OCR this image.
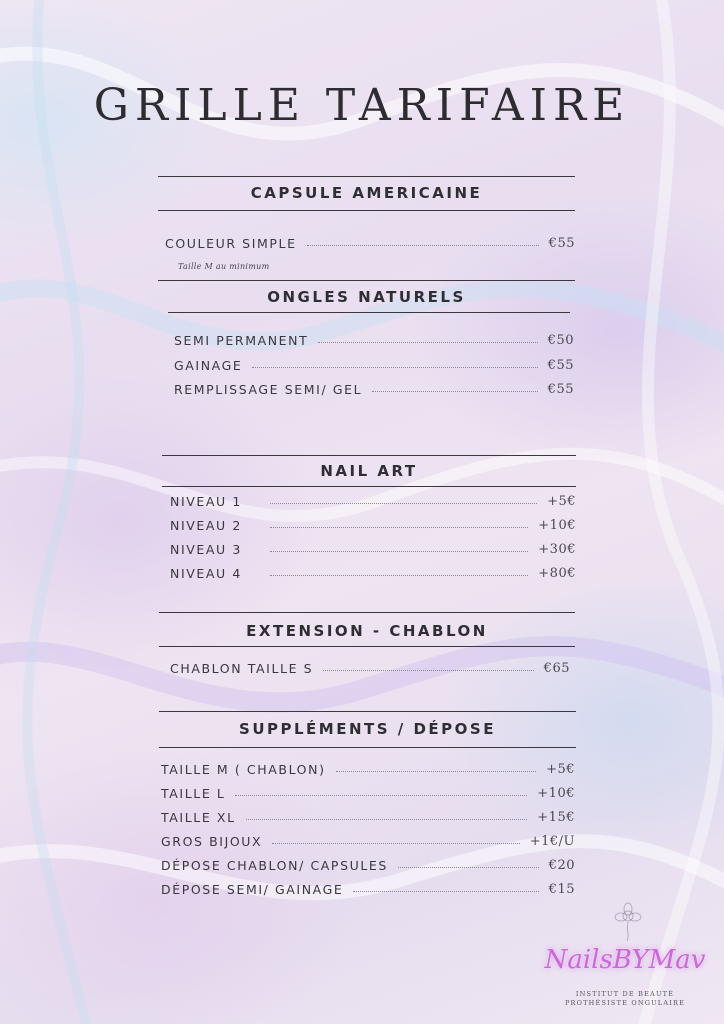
GRILLE TARIFAIRE
CAPSULE AMERICAINE
COULEUR SIMPLE	€55
Taille M au minimum
ONGLES NATURELS
SEMI PERMANENT	€50
GAINAGE	€55
REMPLISSAGE SEMI/ GEL	€55
NAIL ART
NIVEAU 1	+5€
NIVEAU 2	+10€
NIVEAU 3	+30€
NIVEAU 4	+80€
EXTENSION - CHABLON
CHABLON TAILLE S	€65
SUPPLÉMENTS / DÉPOSE
TAILLE M ( CHABLON)	+5€
TAILLE L	+10€
TAILLE XL	+15€
GROS BIJOUX	+1€/U
DÉPOSE CHABLON/ CAPSULES	€20
DÉPOSE SEMI/ GAINAGE	€15
NailsBYMav
INSTITUT DE BEAUTÉ
PROTHÉSISTE ONGULAIRE
